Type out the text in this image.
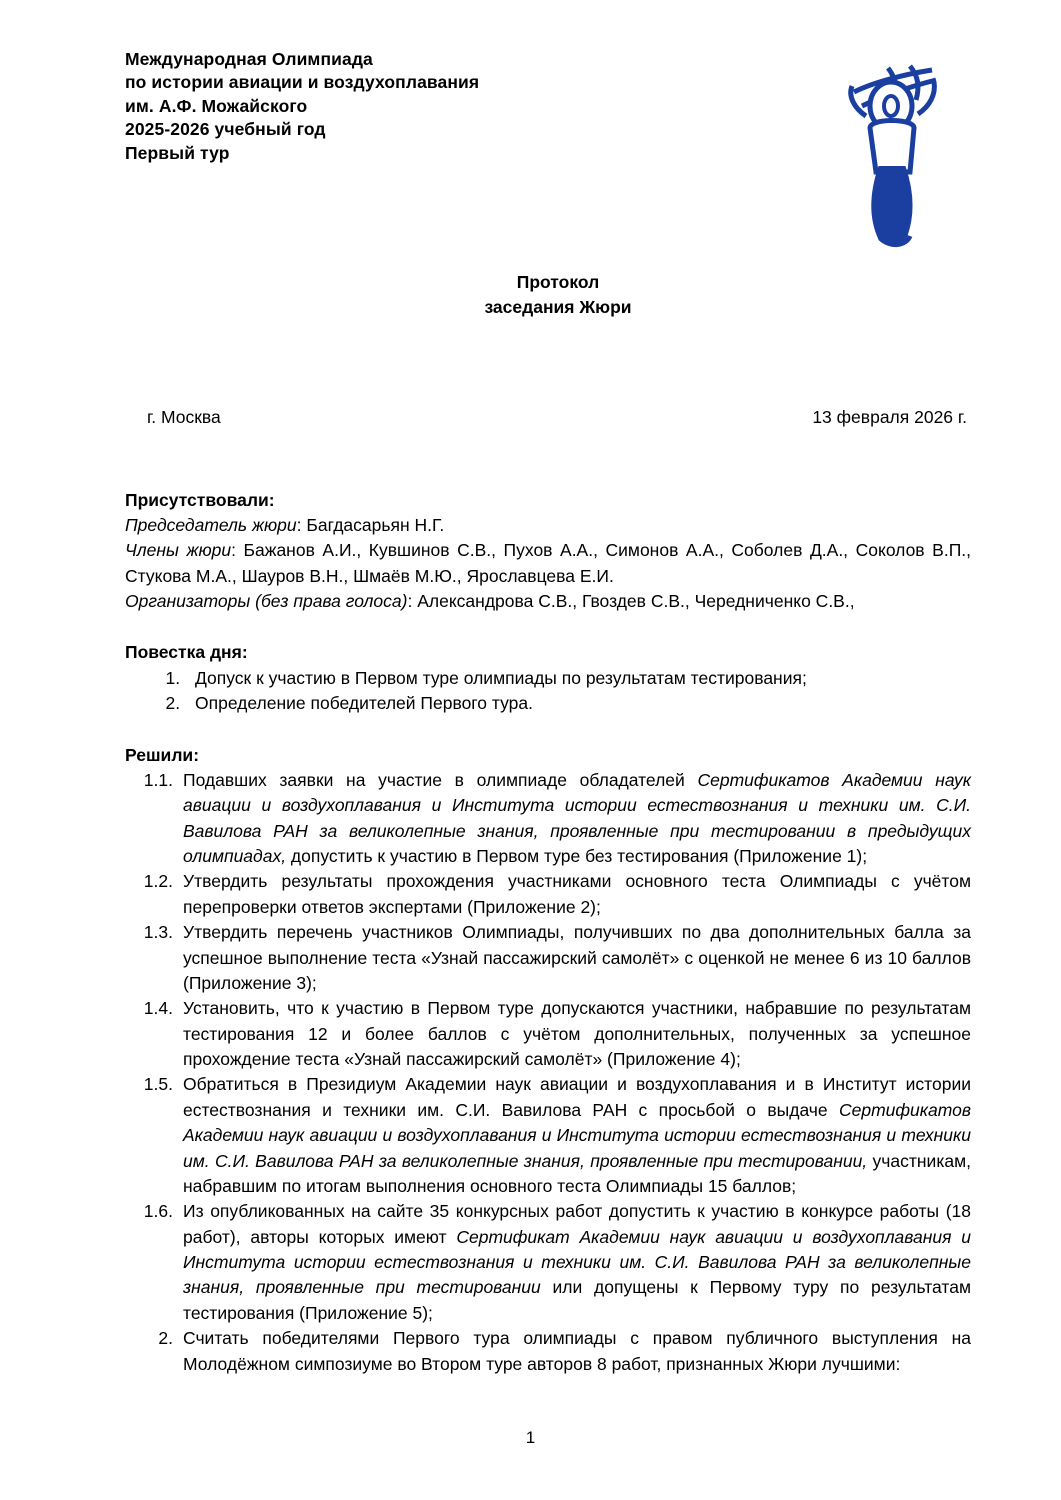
Международная Олимпиада
по истории авиации и воздухоплавания
им. А.Ф. Можайского
2025-2026 учебный год
Первый тур
Протокол
заседания Жюри
г. Москва	13 февраля 2026 г.
Присутствовали:

Председатель жюри: Багдасарьян Н.Г.

Члены жюри: Бажанов А.И., Кувшинов С.В., Пухов А.А., Симонов А.А., Соболев Д.А., Соколов В.П., Стукова М.А., Шауров В.Н., Шмаёв М.Ю., Ярославцева Е.И.

Организаторы (без права голоса): Александрова С.В., Гвоздев С.В., Чередниченко С.В.,

Повестка дня:
1. Допуск к участию в Первом туре олимпиады по результатам тестирования;
2. Определение победителей Первого тура.
Решили:
1.1. Подавших заявки на участие в олимпиаде обладателей Сертификатов Академии наук авиации и воздухоплавания и Института истории естествознания и техники им. С.И. Вавилова РАН за великолепные знания, проявленные при тестировании в предыдущих олимпиадах, допустить к участию в Первом туре без тестирования (Приложение 1);
1.2. Утвердить результаты прохождения участниками основного теста Олимпиады с учётом перепроверки ответов экспертами (Приложение 2);
1.3. Утвердить перечень участников Олимпиады, получивших по два дополнительных балла за успешное выполнение теста «Узнай пассажирский самолёт» с оценкой не менее 6 из 10 баллов (Приложение 3);
1.4. Установить, что к участию в Первом туре допускаются участники, набравшие по результатам тестирования 12 и более баллов с учётом дополнительных, полученных за успешное прохождение теста «Узнай пассажирский самолёт» (Приложение 4);
1.5. Обратиться в Президиум Академии наук авиации и воздухоплавания и в Институт истории естествознания и техники им. С.И. Вавилова РАН с просьбой о выдаче Сертификатов Академии наук авиации и воздухоплавания и Института истории естествознания и техники им. С.И. Вавилова РАН за великолепные знания, проявленные при тестировании, участникам, набравшим по итогам выполнения основного теста Олимпиады 15 баллов;
1.6. Из опубликованных на сайте 35 конкурсных работ допустить к участию в конкурсе работы (18 работ), авторы которых имеют Сертификат Академии наук авиации и воздухоплавания и Института истории естествознания и техники им. С.И. Вавилова РАН за великолепные знания, проявленные при тестировании или допущены к Первому туру по результатам тестирования (Приложение 5);
2. Считать победителями Первого тура олимпиады с правом публичного выступления на Молодёжном симпозиуме во Втором туре авторов 8 работ, признанных Жюри лучшими:
1
